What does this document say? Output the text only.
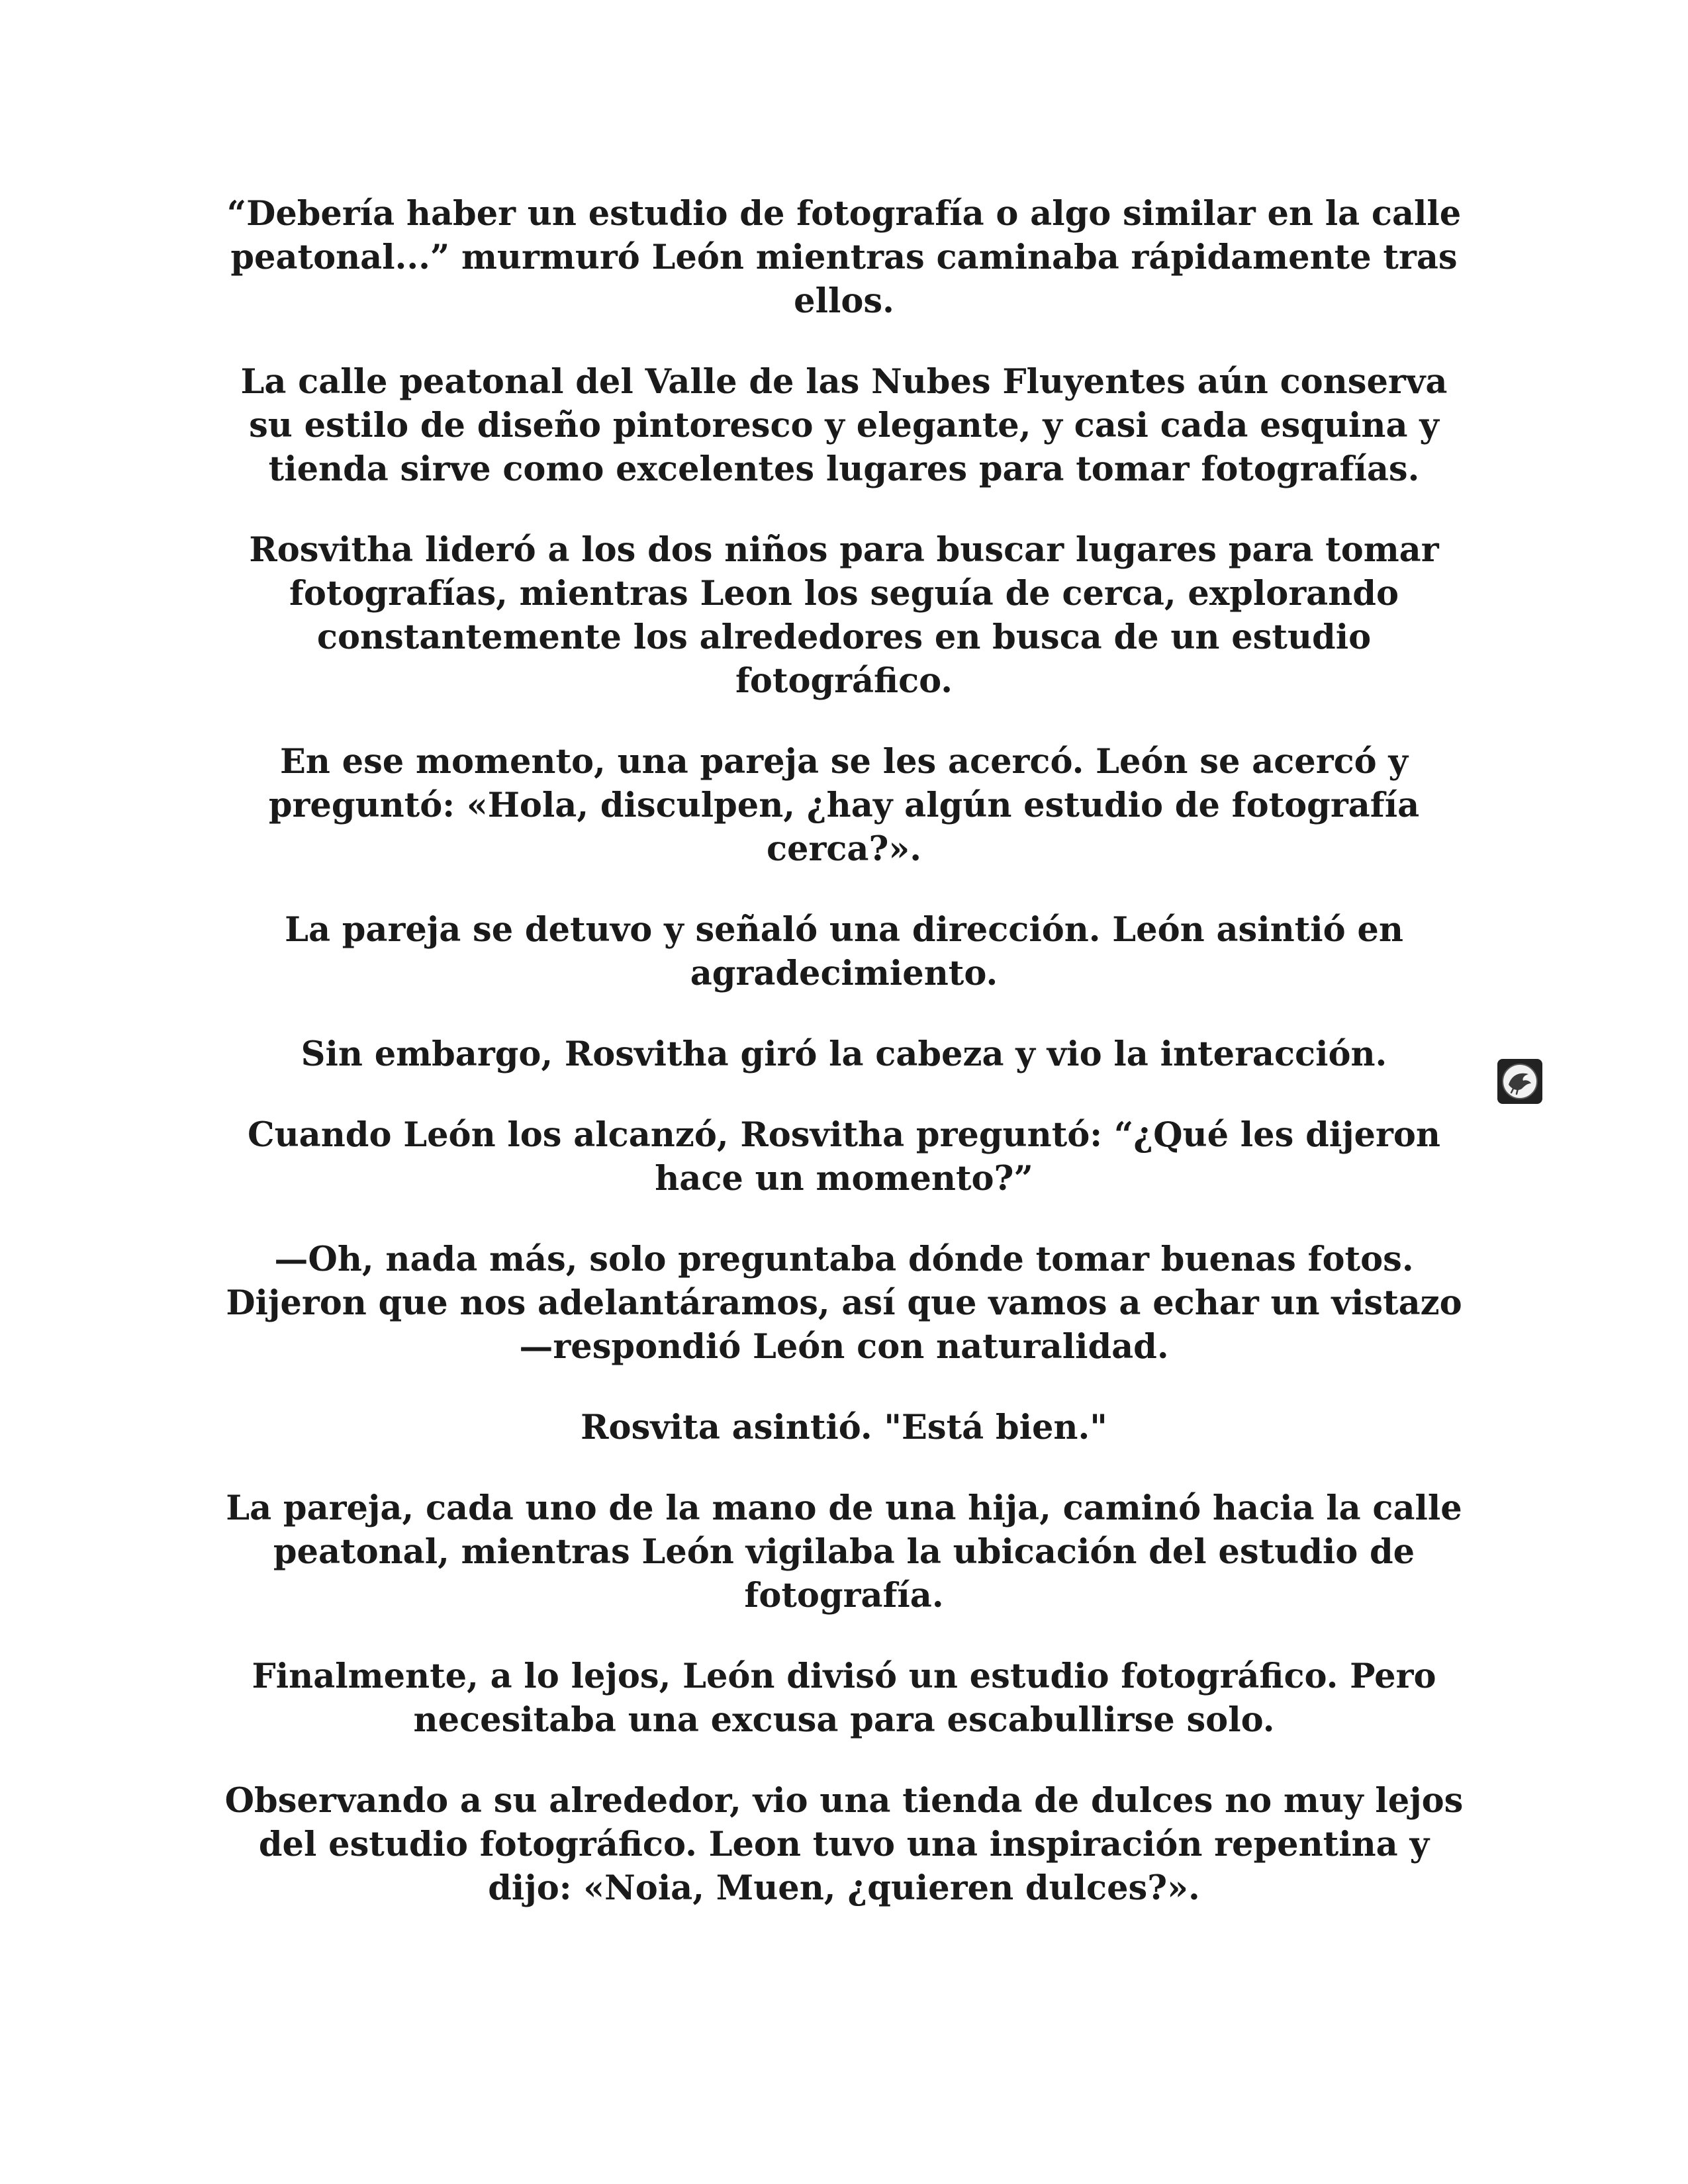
“Debería haber un estudio de fotografía o algo similar en la calle peatonal...” murmuró León mientras caminaba rápidamente tras ellos.

La calle peatonal del Valle de las Nubes Fluyentes aún conserva su estilo de diseño pintoresco y elegante, y casi cada esquina y tienda sirve como excelentes lugares para tomar fotografías.

Rosvitha lideró a los dos niños para buscar lugares para tomar fotografías, mientras Leon los seguía de cerca, explorando constantemente los alrededores en busca de un estudio fotográfico.

En ese momento, una pareja se les acercó. León se acercó y preguntó: «Hola, disculpen, ¿hay algún estudio de fotografía cerca?».

La pareja se detuvo y señaló una dirección. León asintió en agradecimiento.

Sin embargo, Rosvitha giró la cabeza y vio la interacción.

Cuando León los alcanzó, Rosvitha preguntó: “¿Qué les dijeron hace un momento?”

—Oh, nada más, solo preguntaba dónde tomar buenas fotos. Dijeron que nos adelantáramos, así que vamos a echar un vistazo —respondió León con naturalidad.

Rosvita asintió. "Está bien."

La pareja, cada uno de la mano de una hija, caminó hacia la calle peatonal, mientras León vigilaba la ubicación del estudio de fotografía.

Finalmente, a lo lejos, León divisó un estudio fotográfico. Pero necesitaba una excusa para escabullirse solo.

Observando a su alrededor, vio una tienda de dulces no muy lejos del estudio fotográfico. Leon tuvo una inspiración repentina y dijo: «Noia, Muen, ¿quieren dulces?».
